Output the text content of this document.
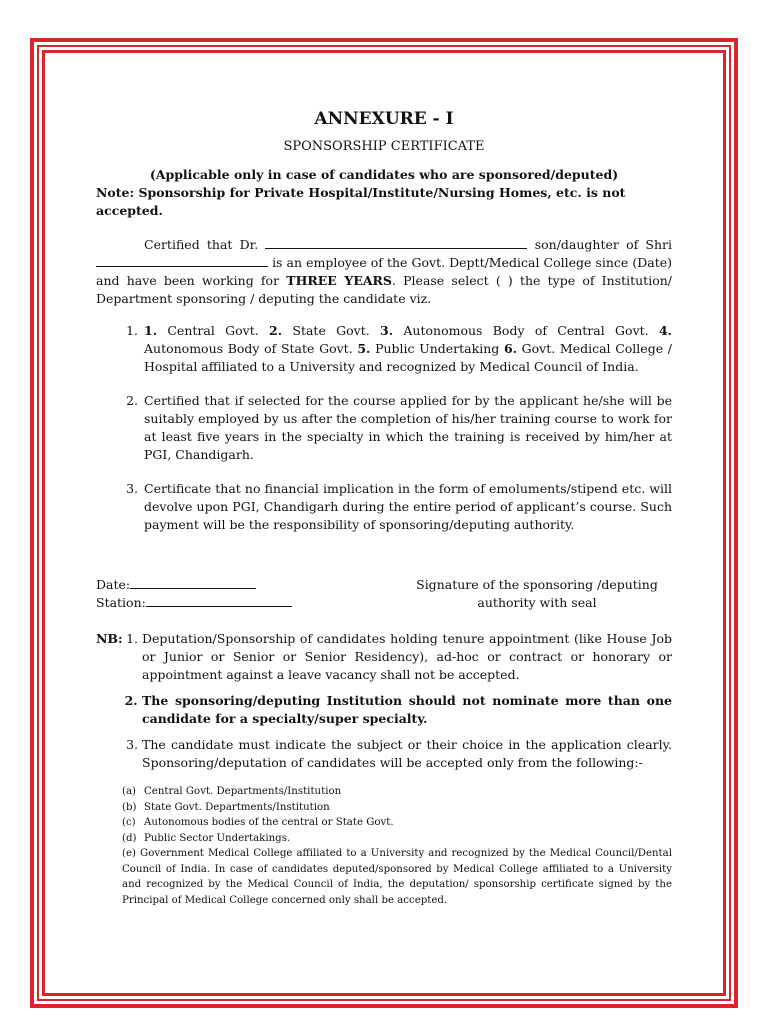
ANNEXURE - I
SPONSORSHIP CERTIFICATE
(Applicable only in case of candidates who are sponsored/deputed)
Note: Sponsorship for Private Hospital/Institute/Nursing Homes, etc. is not accepted.

Certified that Dr.	son/daughter of Shri  is an employee of the Govt. Deptt/Medical College since (Date) and have been working for THREE YEARS. Please select ( ) the type of Institution/ Department sponsoring / deputing the candidate viz.

1. 1. Central Govt. 2. State Govt. 3. Autonomous Body of Central Govt. 4. Autonomous Body of State Govt. 5. Public Undertaking 6. Govt. Medical College / Hospital affiliated to a University and recognized by Medical Council of India.
2. Certified that if selected for the course applied for by the applicant he/she will be suitably employed by us after the completion of his/her training course to work for at least five years in the specialty in which the training is received by him/her at PGI, Chandigarh.
3. Certificate that no financial implication in the form of emoluments/stipend etc. will devolve upon PGI, Chandigarh during the entire period of applicant’s course. Such payment will be the responsibility of sponsoring/deputing authority.
Date:
Station:
Signature of the sponsoring /deputing
authority with seal
NB:
1. Deputation/Sponsorship of candidates holding tenure appointment (like House Job or Junior or Senior or Senior Residency), ad-hoc or contract or honorary or appointment against a leave vacancy shall not be accepted.
2. The sponsoring/deputing Institution should not nominate more than one candidate for a specialty/super specialty.
3. The candidate must indicate the subject or their choice in the application clearly. Sponsoring/deputation of candidates will be accepted only from the following:-
(a) Central Govt. Departments/Institution
(b) State Govt. Departments/Institution
(c) Autonomous bodies of the central or State Govt.
(d) Public Sector Undertakings.
(e) Government Medical College affiliated to a University and recognized by the Medical Council/Dental Council of India. In case of candidates deputed/sponsored by Medical College affiliated to a University and recognized by the Medical Council of India, the deputation/ sponsorship certificate signed by the Principal of Medical College concerned only shall be accepted.
